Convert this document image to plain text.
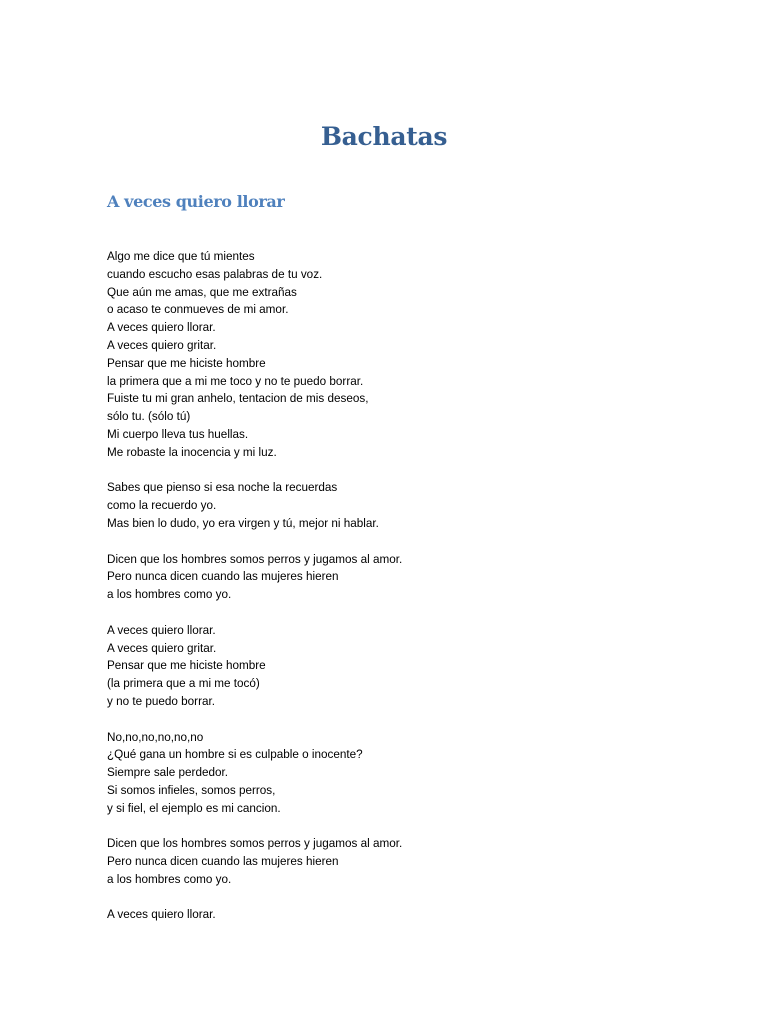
Bachatas
A veces quiero llorar
Algo me dice que tú mientes
cuando escucho esas palabras de tu voz.
Que aún me amas, que me extrañas
o acaso te conmueves de mi amor.
A veces quiero llorar.
A veces quiero gritar.
Pensar que me hiciste hombre
la primera que a mi me toco y no te puedo borrar.
Fuiste tu mi gran anhelo, tentacion de mis deseos,
sólo tu. (sólo tú)
Mi cuerpo lleva tus huellas.
Me robaste la inocencia y mi luz.
Sabes que pienso si esa noche la recuerdas
como la recuerdo yo.
Mas bien lo dudo, yo era virgen y tú, mejor ni hablar.
Dicen que los hombres somos perros y jugamos al amor.
Pero nunca dicen cuando las mujeres hieren
a los hombres como yo.
A veces quiero llorar.
A veces quiero gritar.
Pensar que me hiciste hombre
(la primera que a mi me tocó)
y no te puedo borrar.
No,no,no,no,no,no
¿Qué gana un hombre si es culpable o inocente?
Siempre sale perdedor.
Si somos infieles, somos perros,
y si fiel, el ejemplo es mi cancion.
Dicen que los hombres somos perros y jugamos al amor.
Pero nunca dicen cuando las mujeres hieren
a los hombres como yo.
A veces quiero llorar.
